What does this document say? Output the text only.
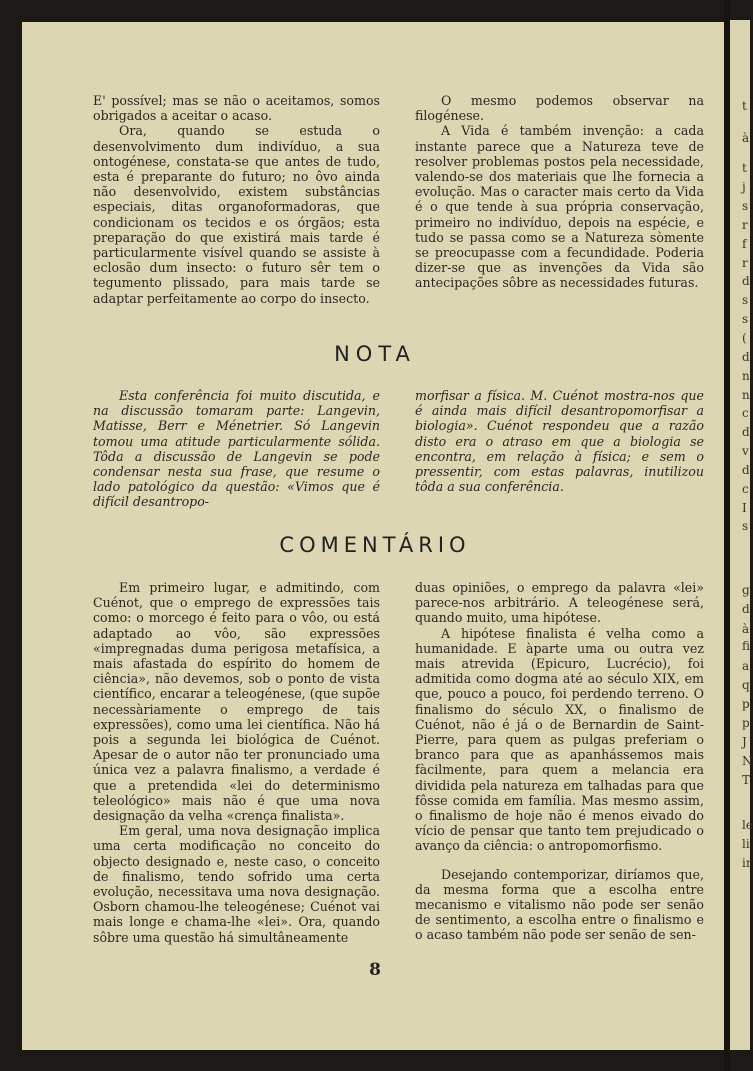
t
à
t
j
s
r
f
r
d
s
s
(
d
n
n
c
d
v
d
c
I
s
g
d
à
fi
a
q
p
p
J
N
T
le
li
ir

E' possível; mas se não o aceitamos, somos obrigados a aceitar o acaso.

Ora, quando se estuda o desenvolvimento dum indivíduo, a sua ontogénese, constata-se que antes de tudo, esta é preparante do futuro; no ôvo ainda não desenvolvido, existem substâncias especiais, ditas organoformadoras, que condicionam os tecidos e os órgãos; esta preparação do que existirá mais tarde é particularmente visível quando se assiste à eclosão dum insecto: o futuro sêr tem o tegumento plissado, para mais tarde se adaptar perfeitamente ao corpo do insecto.

O mesmo podemos observar na filogénese.

A Vida é também invenção: a cada instante parece que a Natureza teve de resolver problemas postos pela necessidade, valendo-se dos materiais que lhe fornecia a evolução. Mas o caracter mais certo da Vida é o que tende à sua própria conservação, primeiro no indivíduo, depois na espécie, e tudo se passa como se a Natureza sòmente se preocupasse com a fecundidade. Poderia dizer-se que as invenções da Vida são antecipações sôbre as necessidades futuras.

NOTA

Esta conferência foi muito discutida, e na discussão tomaram parte: Langevin, Matisse, Berr e Ménetrier. Só Langevin tomou uma atitude particularmente sólida. Tôda a discussão de Langevin se pode condensar nesta sua frase, que resume o lado patológico da questão: «Vimos que é difícil desantropo-

morfisar a física. M. Cuénot mostra-nos que é ainda mais difícil desantropomorfisar a biologia». Cuénot respondeu que a razão disto era o atraso em que a biologia se encontra, em relação à física; e sem o pressentir, com estas palavras, inutilizou tôda a sua conferência.

COMENTÁRIO

Em primeiro lugar, e admitindo, com Cuénot, que o emprego de expressões tais como: o morcego é feito para o vôo, ou está adaptado ao vôo, são expressões «impregnadas duma perigosa metafísica, a mais afastada do espírito do homem de ciência», não devemos, sob o ponto de vista científico, encarar a teleogénese, (que supõe necessàriamente o emprego de tais expressões), como uma lei científica. Não há pois a segunda lei biológica de Cuénot. Apesar de o autor não ter pronunciado uma única vez a palavra finalismo, a verdade é que a pretendida «lei do determinismo teleológico» mais não é que uma nova designação da velha «crença finalista».

Em geral, uma nova designação implica uma certa modificação no conceito do objecto designado e, neste caso, o conceito de finalismo, tendo sofrido uma certa evolução, necessitava uma nova designação. Osborn chamou-lhe teleogénese; Cuénot vai mais longe e chama-lhe «lei». Ora, quando sôbre uma questão há simultâneamente

duas opiniões, o emprego da palavra «lei» parece-nos arbitrário. A teleogénese será, quando muito, uma hipótese.

A hipótese finalista é velha como a humanidade. E àparte uma ou outra vez mais atrevida (Epicuro, Lucrécio), foi admitida como dogma até ao século XIX, em que, pouco a pouco, foi perdendo terreno. O finalismo do século XX, o finalismo de Cuénot, não é já o de Bernardin de Saint-Pierre, para quem as pulgas preferiam o branco para que as apanhássemos mais fàcilmente, para quem a melancia era dividida pela natureza em talhadas para que fôsse comida em família. Mas mesmo assim, o finalismo de hoje não é menos eivado do vício de pensar que tanto tem prejudicado o avanço da ciência: o antropomorfismo.

Desejando contemporizar, diríamos que, da mesma forma que a escolha entre mecanismo e vitalismo não pode ser senão de sentimento, a escolha entre o finalismo e o acaso também não pode ser senão de sen-

8
